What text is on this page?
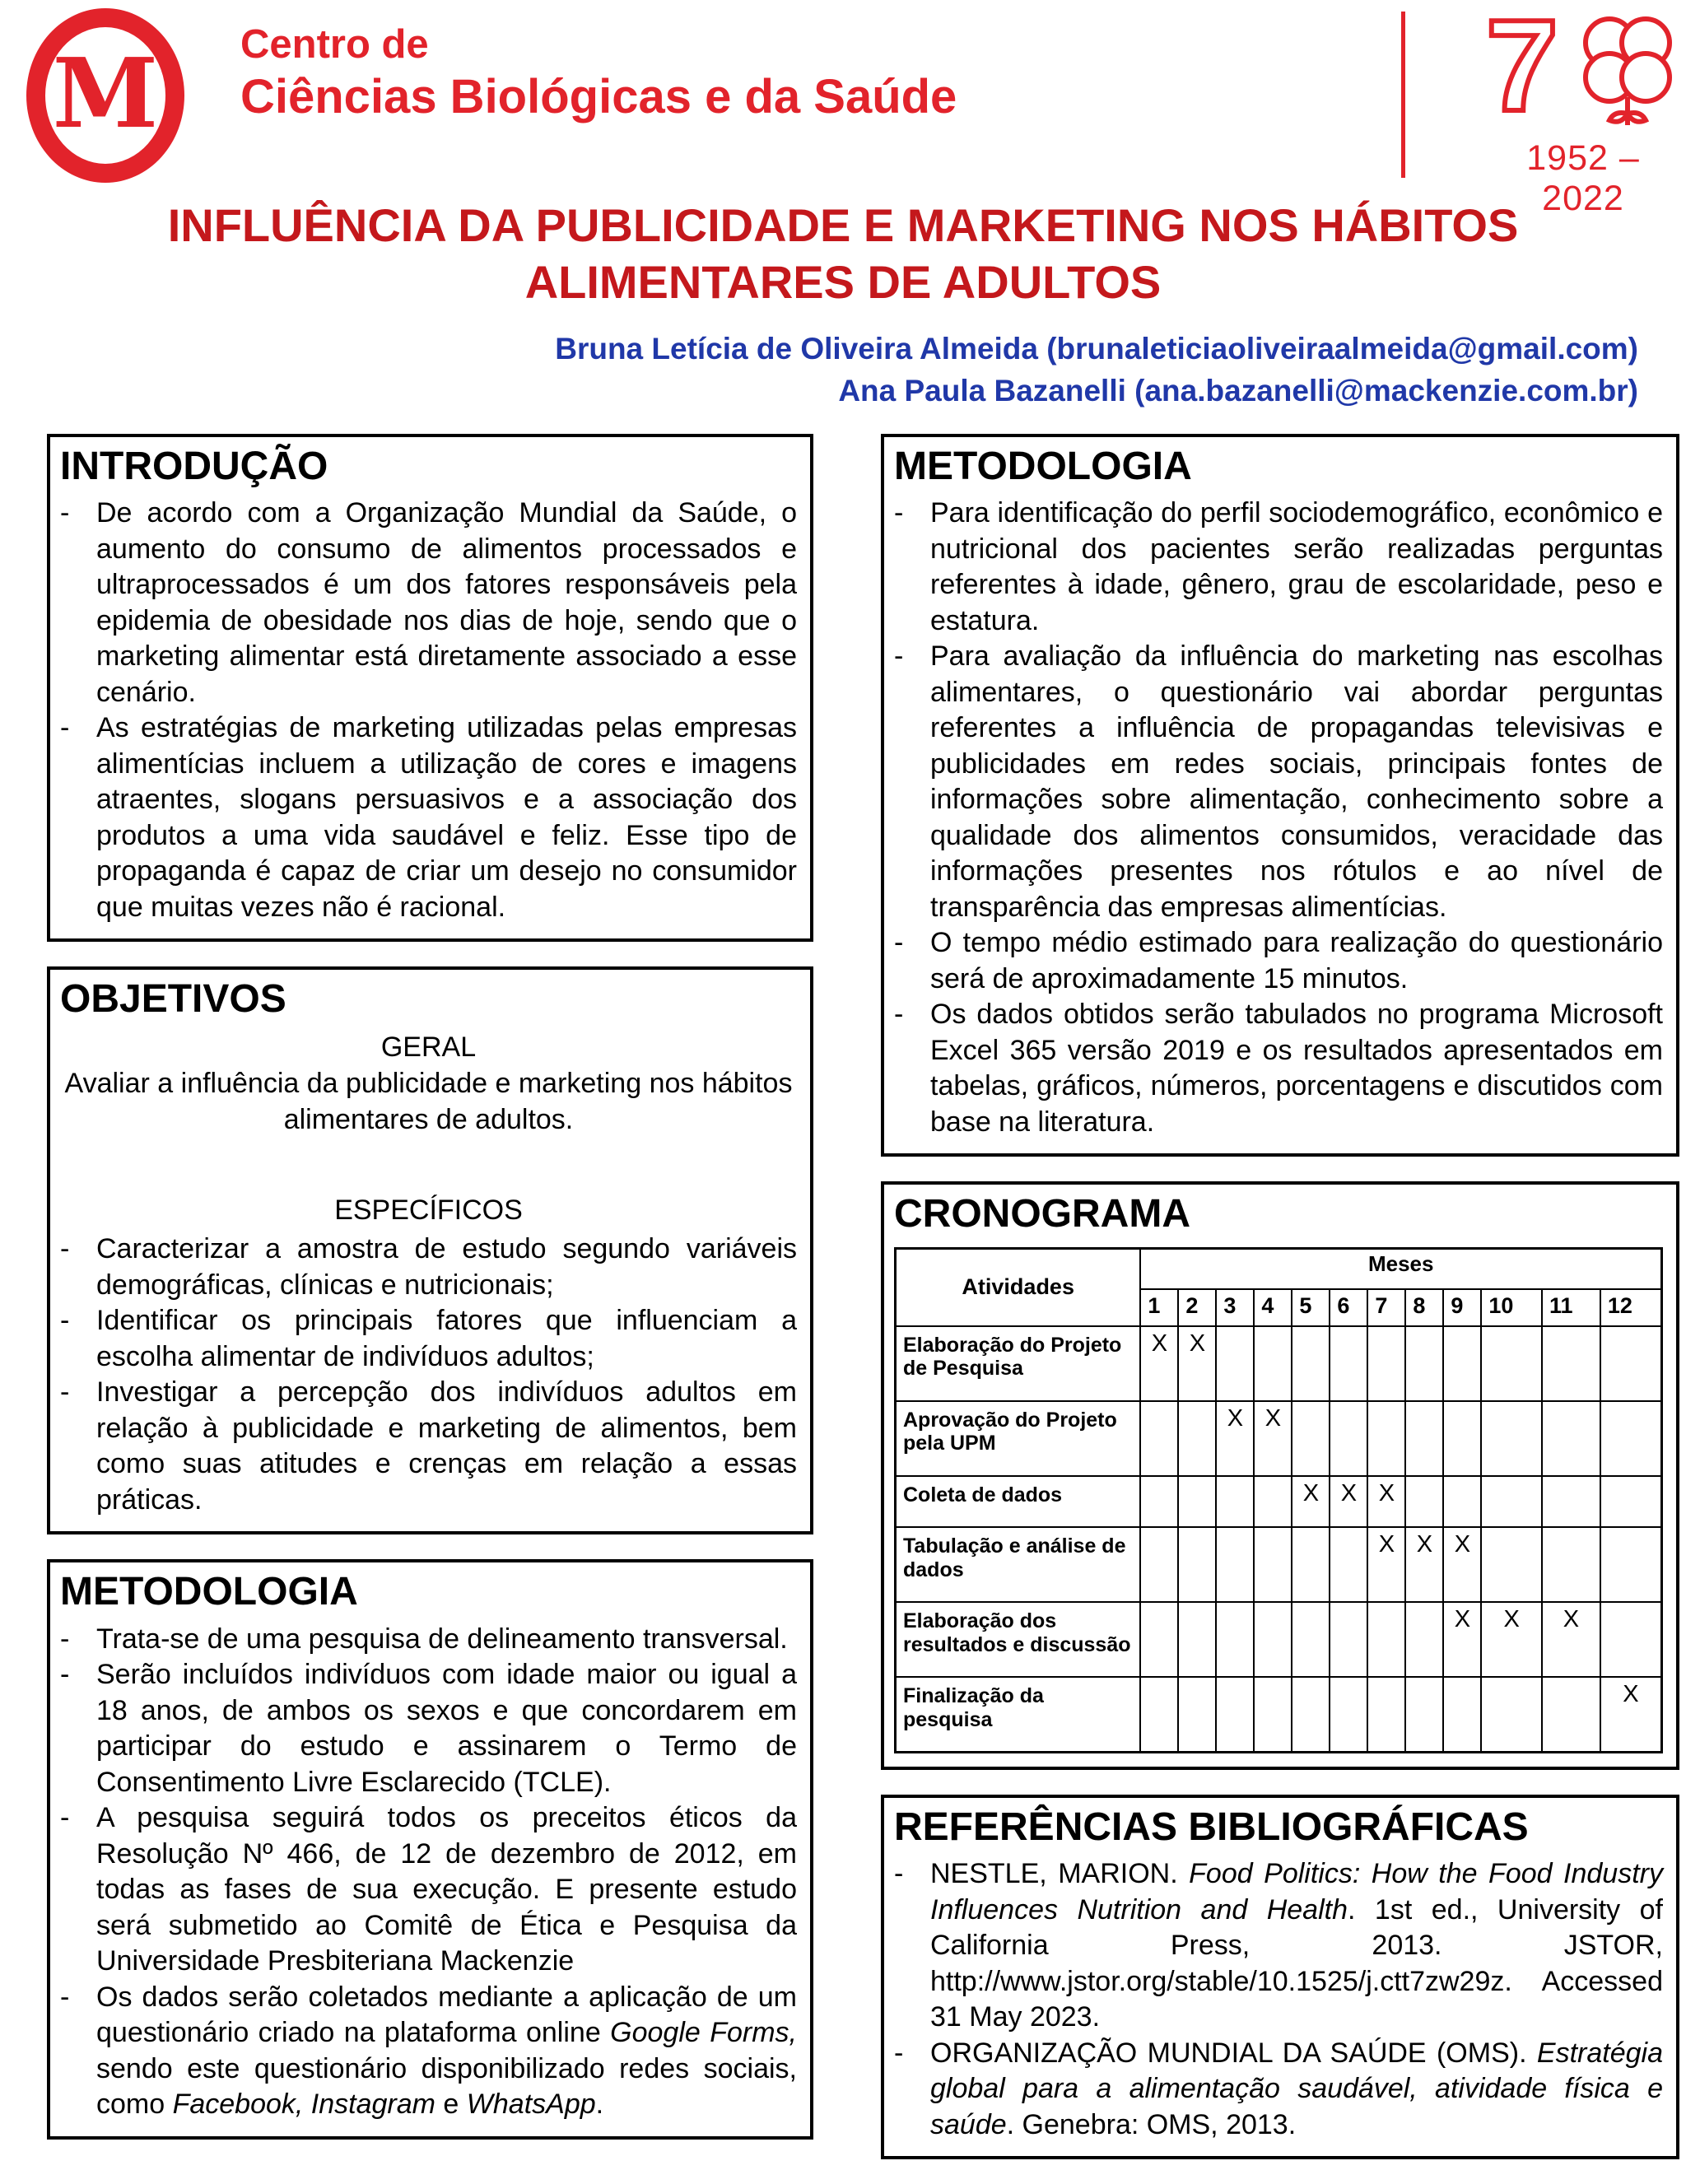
M Centro de
Ciências Biológicas e da Saúde	7
1952 – 2022
INFLUÊNCIA DA PUBLICIDADE E MARKETING NOS HÁBITOS
ALIMENTARES DE ADULTOS
Bruna Letícia de Oliveira Almeida (brunaleticiaoliveiraalmeida@gmail.com)
Ana Paula Bazanelli (ana.bazanelli@mackenzie.com.br)
INTRODUÇÃO
- De acordo com a Organização Mundial da Saúde, o aumento do consumo de alimentos processados e ultraprocessados é um dos fatores responsáveis pela epidemia de obesidade nos dias de hoje, sendo que o marketing alimentar está diretamente associado a esse cenário.

- As estratégias de marketing utilizadas pelas empresas alimentícias incluem a utilização de cores e imagens atraentes, slogans persuasivos e a associação dos produtos a uma vida saudável e feliz. Esse tipo de propaganda é capaz de criar um desejo no consumidor que muitas vezes não é racional.

OBJETIVOS

GERAL

Avaliar a influência da publicidade e marketing nos hábitos alimentares de adultos.

ESPECÍFICOS

- Caracterizar a amostra de estudo segundo variáveis demográficas, clínicas e nutricionais;

- Identificar os principais fatores que influenciam a escolha alimentar de indivíduos adultos;

- Investigar a percepção dos indivíduos adultos em relação à publicidade e marketing de alimentos, bem como suas atitudes e crenças em relação a essas práticas.

METODOLOGIA
- Trata-se de uma pesquisa de delineamento transversal.

- Serão incluídos indivíduos com idade maior ou igual a 18 anos, de ambos os sexos e que concordarem em participar do estudo e assinarem o Termo de Consentimento Livre Esclarecido (TCLE).

- A pesquisa seguirá todos os preceitos éticos da Resolução Nº 466, de 12 de dezembro de 2012, em todas as fases de sua execução. E presente estudo será submetido ao Comitê de Ética e Pesquisa da Universidade Presbiteriana Mackenzie

- Os dados serão coletados mediante a aplicação de um questionário criado na plataforma online Google Forms, sendo este questionário disponibilizado redes sociais, como Facebook, Instagram e WhatsApp.

METODOLOGIA
- Para identificação do perfil sociodemográfico, econômico e nutricional dos pacientes serão realizadas perguntas referentes à idade, gênero, grau de escolaridade, peso e estatura.

- Para avaliação da influência do marketing nas escolhas alimentares, o questionário vai abordar perguntas referentes a influência de propagandas televisivas e publicidades em redes sociais, principais fontes de informações sobre alimentação, conhecimento sobre a qualidade dos alimentos consumidos, veracidade das informações presentes nos rótulos e ao nível de transparência das empresas alimentícias.

- O tempo médio estimado para realização do questionário será de aproximadamente 15 minutos.

- Os dados obtidos serão tabulados no programa Microsoft Excel 365 versão 2019 e os resultados apresentados em tabelas, gráficos, números, porcentagens e discutidos com base na literatura.

CRONOGRAMA
Atividades	Meses											
	1	2	3	4	5	6	7	8	9	10	11	12
Elaboração do Projeto de Pesquisa	X	X										
Aprovação do Projeto pela UPM			X	X								
Coleta de dados					X	X	X					
Tabulação e análise de dados							X	X	X			
Elaboração dos resultados e discussão									X	X	X	
Finalização da pesquisa												X
REFERÊNCIAS BIBLIOGRÁFICAS
- NESTLE, MARION. Food Politics: How the Food Industry Influences Nutrition and Health. 1st ed., University of California Press, 2013. JSTOR, http://www.jstor.org/stable/10.1525/j.ctt7zw29z. Accessed 31 May 2023.

- ORGANIZAÇÃO MUNDIAL DA SAÚDE (OMS). Estratégia global para a alimentação saudável, atividade física e saúde. Genebra: OMS, 2013.
